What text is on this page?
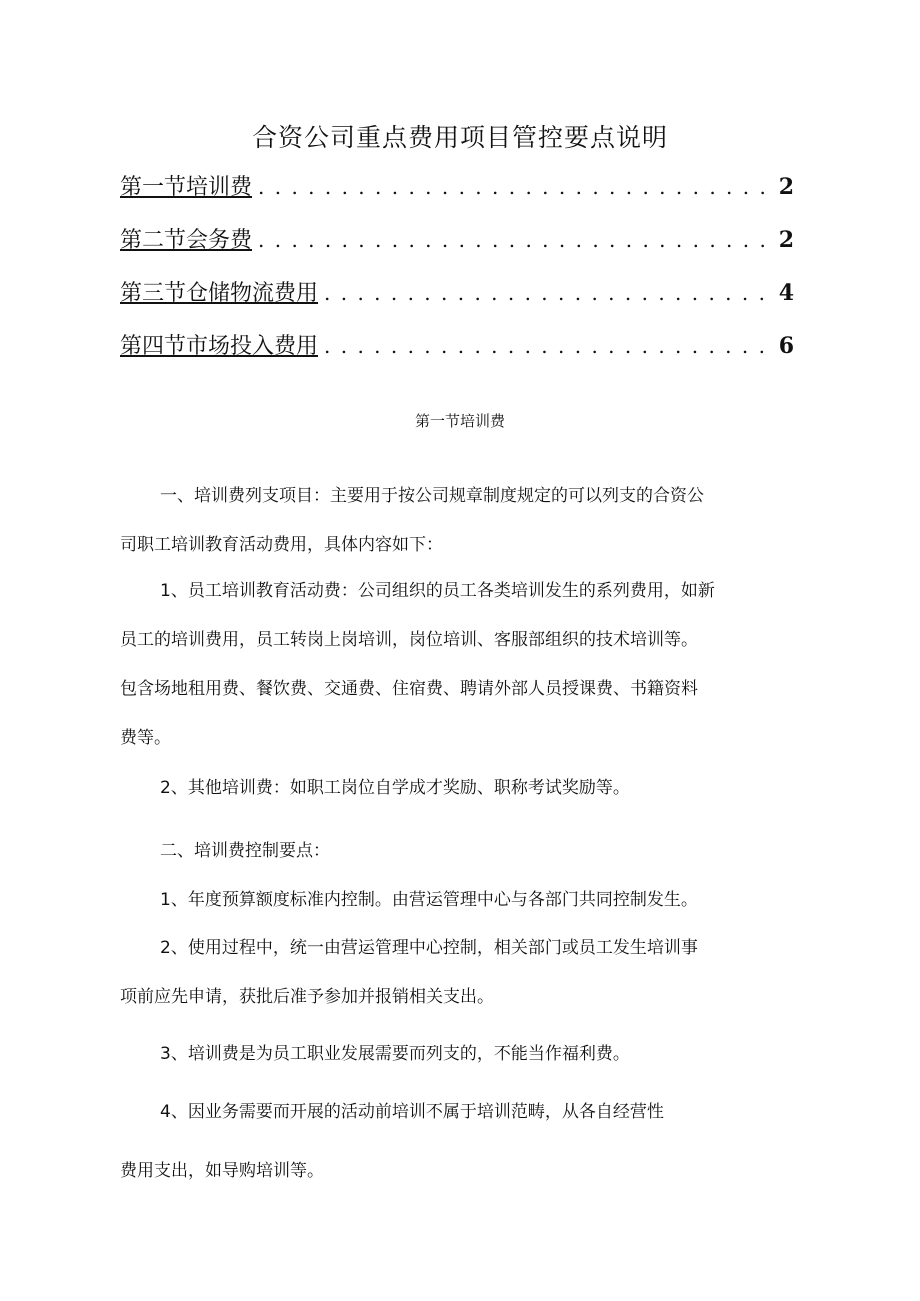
合资公司重点费用项目管控要点说明
第一节培训费 . . .	2
第二节会务费 . . .	2
第三节仓储物流费用 . . .	4
第四节市场投入费用 . . .	6
第一节培训费

一、培训费列支项目：主要用于按公司规章制度规定的可以列支的合资公
司职工培训教育活动费用，具体内容如下：

1、员工培训教育活动费：公司组织的员工各类培训发生的系列费用，如新
员工的培训费用，员工转岗上岗培训，岗位培训、客服部组织的技术培训等。
包含场地租用费、餐饮费、交通费、住宿费、聘请外部人员授课费、书籍资料
费等。

2、其他培训费：如职工岗位自学成才奖励、职称考试奖励等。

二、培训费控制要点：

1、年度预算额度标准内控制。由营运管理中心与各部门共同控制发生。

2、使用过程中，统一由营运管理中心控制，相关部门或员工发生培训事
项前应先申请，获批后准予参加并报销相关支出。

3、培训费是为员工职业发展需要而列支的，不能当作福利费。

4、因业务需要而开展的活动前培训不属于培训范畴，从各自经营性
费用支出，如导购培训等。
